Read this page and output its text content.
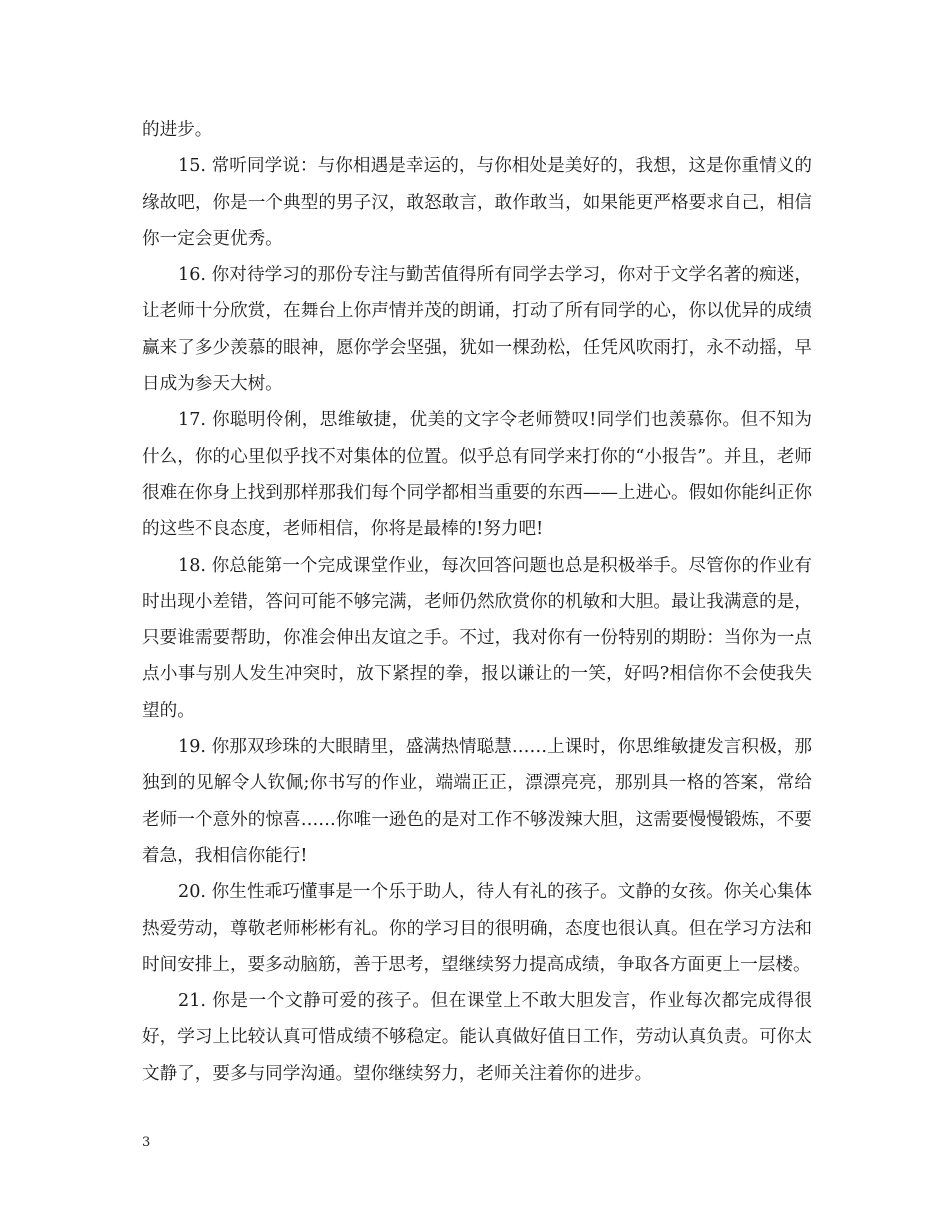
的进步。

15. 常听同学说：与你相遇是幸运的，与你相处是美好的，我想，这是你重情义的缘故吧，你是一个典型的男子汉，敢怒敢言，敢作敢当，如果能更严格要求自己，相信你一定会更优秀。

16. 你对待学习的那份专注与勤苦值得所有同学去学习，你对于文学名著的痴迷，让老师十分欣赏，在舞台上你声情并茂的朗诵，打动了所有同学的心，你以优异的成绩赢来了多少羡慕的眼神，愿你学会坚强，犹如一棵劲松，任凭风吹雨打，永不动摇，早日成为参天大树。

17. 你聪明伶俐，思维敏捷，优美的文字令老师赞叹!同学们也羡慕你。但不知为什么，你的心里似乎找不对集体的位置。似乎总有同学来打你的“小报告”。并且，老师很难在你身上找到那样那我们每个同学都相当重要的东西——上进心。假如你能纠正你的这些不良态度，老师相信，你将是最棒的!努力吧!

18. 你总能第一个完成课堂作业，每次回答问题也总是积极举手。尽管你的作业有时出现小差错，答问可能不够完满，老师仍然欣赏你的机敏和大胆。最让我满意的是，只要谁需要帮助，你准会伸出友谊之手。不过，我对你有一份特别的期盼：当你为一点点小事与别人发生冲突时，放下紧捏的拳，报以谦让的一笑，好吗?相信你不会使我失望的。

19. 你那双珍珠的大眼睛里，盛满热情聪慧……上课时，你思维敏捷发言积极，那独到的见解令人钦佩;你书写的作业，端端正正，漂漂亮亮，那别具一格的答案，常给老师一个意外的惊喜……你唯一逊色的是对工作不够泼辣大胆，这需要慢慢锻炼，不要着急，我相信你能行!

20. 你生性乖巧懂事是一个乐于助人，待人有礼的孩子。文静的女孩。你关心集体热爱劳动，尊敬老师彬彬有礼。你的学习目的很明确，态度也很认真。但在学习方法和时间安排上，要多动脑筋，善于思考，望继续努力提高成绩，争取各方面更上一层楼。

21. 你是一个文静可爱的孩子。但在课堂上不敢大胆发言，作业每次都完成得很好，学习上比较认真可惜成绩不够稳定。能认真做好值日工作，劳动认真负责。可你太文静了，要多与同学沟通。望你继续努力，老师关注着你的进步。

3
